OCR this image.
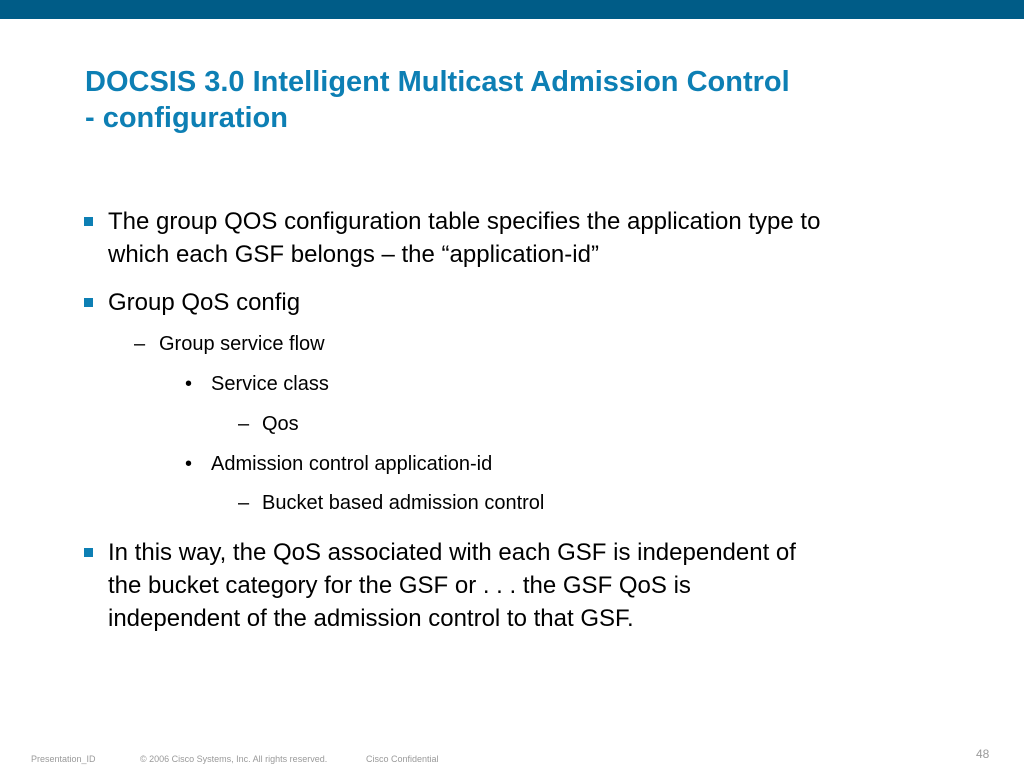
DOCSIS 3.0 Intelligent Multicast Admission Control
- configuration
The group QOS configuration table specifies the application type to
which each GSF belongs – the “application-id”
Group QoS config
– Group service flow
• Service class
– Qos
• Admission control application-id
– Bucket based admission control
In this way, the QoS associated with each GSF is independent of
the bucket category for the GSF or . . . the GSF QoS is
independent of the admission control to that GSF.
Presentation_ID	© 2006 Cisco Systems, Inc. All rights reserved.	Cisco Confidential	48
